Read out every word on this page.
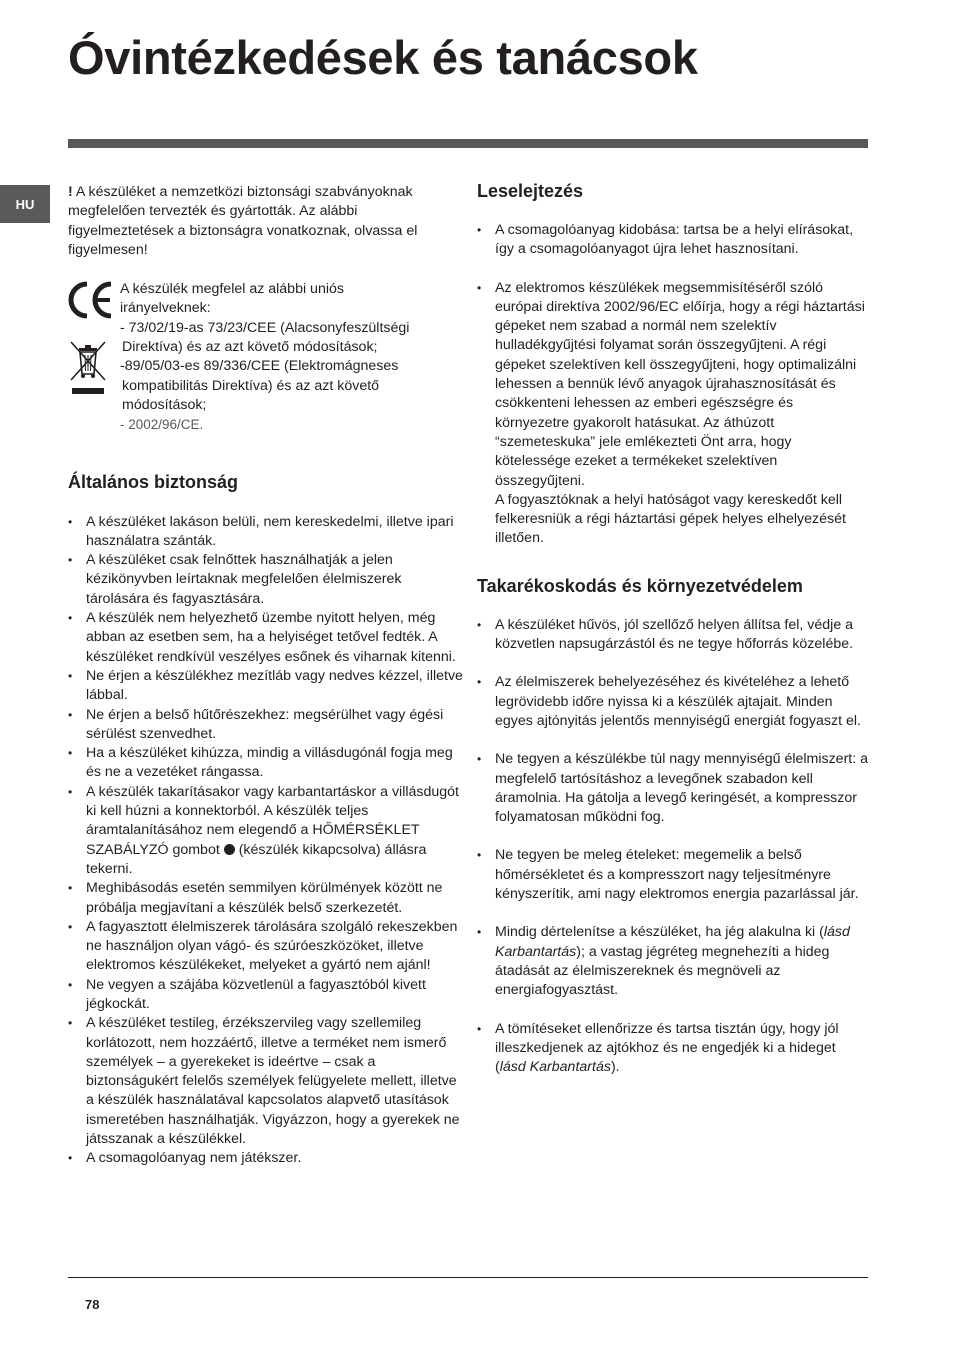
Óvintézkedések és tanácsok
HU

! A készüléket a nemzetközi biztonsági szabványoknak megfelelően tervezték és gyártották. Az alábbi figyelmeztetések a biztonságra vonatkoznak, olvassa el figyelmesen!

A készülék megfelel az alábbi uniós
irányelveknek:
- 73/02/19-as 73/23/CEE (Alacsonyfeszültségi
Direktíva) és az azt követő módosítások;
-89/05/03-es 89/336/CEE (Elektromágneses
kompatibilitás Direktíva) és az azt követő
módosítások;
- 2002/96/CE.
Általános biztonság
• A készüléket lakáson belüli, nem kereskedelmi, illetve ipari használatra szánták.
• A készüléket csak felnőttek használhatják a jelen kézikönyvben leírtaknak megfelelően élelmiszerek tárolására és fagyasztására.
• A készülék nem helyezhető üzembe nyitott helyen, még abban az esetben sem, ha a helyiséget tetővel fedték. A készüléket rendkívül veszélyes esőnek és viharnak kitenni.
• Ne érjen a készülékhez mezítláb vagy nedves kézzel, illetve lábbal.
• Ne érjen a belső hűtőrészekhez: megsérülhet vagy égési sérülést szenvedhet.
• Ha a készüléket kihúzza, mindig a villásdugónál fogja meg és ne a vezetéket rángassa.
• A készülék takarításakor vagy karbantartáskor a villásdugót ki kell húzni a konnektorból. A készülék teljes áramtalanításához nem elegendő a HŐMÉRSÉKLET SZABÁLYZÓ gombot  (készülék kikapcsolva) állásra tekerni.
• Meghibásodás esetén semmilyen körülmények között ne próbálja megjavítani a készülék belső szerkezetét.
• A fagyasztott élelmiszerek tárolására szolgáló rekeszekben ne használjon olyan vágó- és szúróeszközöket, illetve elektromos készülékeket, melyeket a gyártó nem ajánl!
• Ne vegyen a szájába közvetlenül a fagyasztóból kivett jégkockát.
• A készüléket testileg, érzékszervileg vagy szellemileg korlátozott, nem hozzáértő, illetve a terméket nem ismerő személyek – a gyerekeket is ideértve – csak a biztonságukért felelős személyek felügyelete mellett, illetve a készülék használatával kapcsolatos alapvető utasítások ismeretében használhatják. Vigyázzon, hogy a gyerekek ne játsszanak a készülékkel.
• A csomagolóanyag nem játékszer.
Leselejtezés
• A csomagolóanyag kidobása: tartsa be a helyi elírásokat, így a csomagolóanyagot újra lehet hasznosítani.
• Az elektromos készülékek megsemmisítéséről szóló európai direktíva 2002/96/EC előírja, hogy a régi háztartási gépeket nem szabad a normál nem szelektív hulladékgyűjtési folyamat során összegyűjteni. A régi gépeket szelektíven kell összegyűjteni, hogy optimalizálni lehessen a bennük lévő anyagok újrahasznosítását és csökkenteni lehessen az emberi egészségre és környezetre gyakorolt hatásukat. Az áthúzott “szemeteskuka” jele emlékezteti Önt arra, hogy kötelessége ezeket a termékeket szelektíven összegyűjteni.
A fogyasztóknak a helyi hatóságot vagy kereskedőt kell felkeresniük a régi háztartási gépek helyes elhelyezését illetően.
Takarékoskodás és környezetvédelem
• A készüléket hűvös, jól szellőző helyen állítsa fel, védje a közvetlen napsugárzástól és ne tegye hőforrás közelébe.
• Az élelmiszerek behelyezéséhez és kivételéhez a lehető legrövidebb időre nyissa ki a készülék ajtajait. Minden egyes ajtónyitás jelentős mennyiségű energiát fogyaszt el.
• Ne tegyen a készülékbe túl nagy mennyiségű élelmiszert: a megfelelő tartósításhoz a levegőnek szabadon kell áramolnia. Ha gátolja a levegő keringését, a kompresszor folyamatosan működni fog.
• Ne tegyen be meleg ételeket: megemelik a belső hőmérsékletet és a kompresszort nagy teljesítményre kényszerítik, ami nagy elektromos energia pazarlással jár.
• Mindig dértelenítse a készüléket, ha jég alakulna ki (lásd Karbantartás); a vastag jégréteg megnehezíti a hideg átadását az élelmiszereknek és megnöveli az energiafogyasztást.
• A tömítéseket ellenőrizze és tartsa tisztán úgy, hogy jól illeszkedjenek az ajtókhoz és ne engedjék ki a hideget (lásd Karbantartás).
78
